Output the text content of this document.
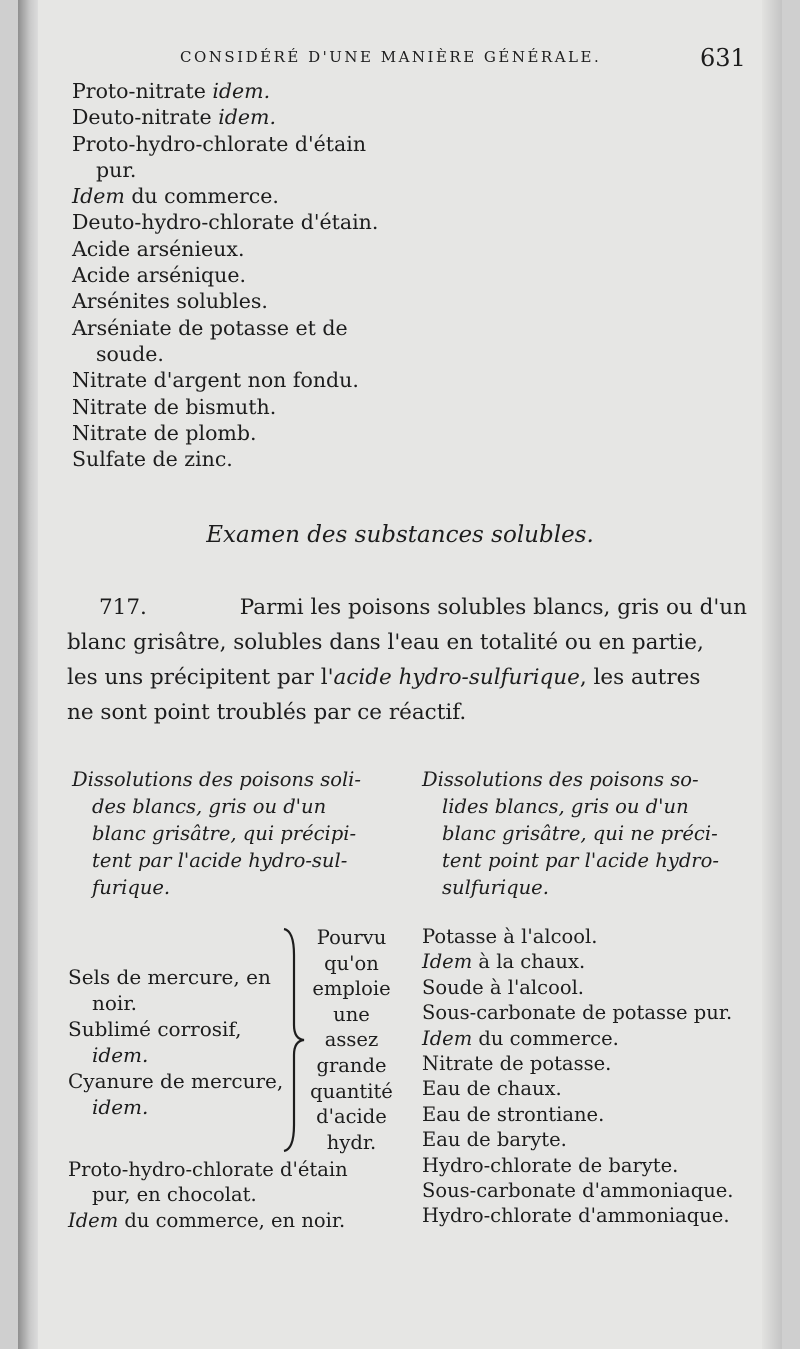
CONSIDÉRÉ D'UNE MANIÈRE GÉNÉRALE.	631
Proto-nitrate idem.
Deuto-nitrate idem.
Proto-hydro-chlorate d'étain
pur.
Idem du commerce.
Deuto-hydro-chlorate d'étain.
Acide arsénieux.
Acide arsénique.
Arsénites solubles.
Arséniate de potasse et de
soude.
Nitrate d'argent non fondu.
Nitrate de bismuth.
Nitrate de plomb.
Sulfate de zinc.
Examen des substances solubles.
717.	Parmi les poisons solubles blancs, gris ou d'un
blanc grisâtre, solubles dans l'eau en totalité ou en partie,
les uns précipitent par l'acide hydro-sulfurique, les autres
ne sont point troublés par ce réactif.
Dissolutions des poisons soli-
des blancs, gris ou d'un
blanc grisâtre, qui précipi-
tent par l'acide hydro-sul-
furique.
Dissolutions des poisons so-
lides blancs, gris ou d'un
blanc grisâtre, qui ne préci-
tent point par l'acide hydro-
sulfurique.
Sels de mercure, en
noir.
Sublimé corrosif,
idem.
Cyanure de mercure,
idem.
Pourvu
qu'on
emploie
une
assez
grande
quantité
d'acide
hydr.
Potasse à l'alcool.
Idem à la chaux.
Soude à l'alcool.
Sous-carbonate de potasse pur.
Idem du commerce.
Nitrate de potasse.
Eau de chaux.
Eau de strontiane.
Eau de baryte.
Hydro-chlorate de baryte.
Sous-carbonate d'ammoniaque.
Hydro-chlorate d'ammoniaque.
Proto-hydro-chlorate d'étain
pur, en chocolat.
Idem du commerce, en noir.
